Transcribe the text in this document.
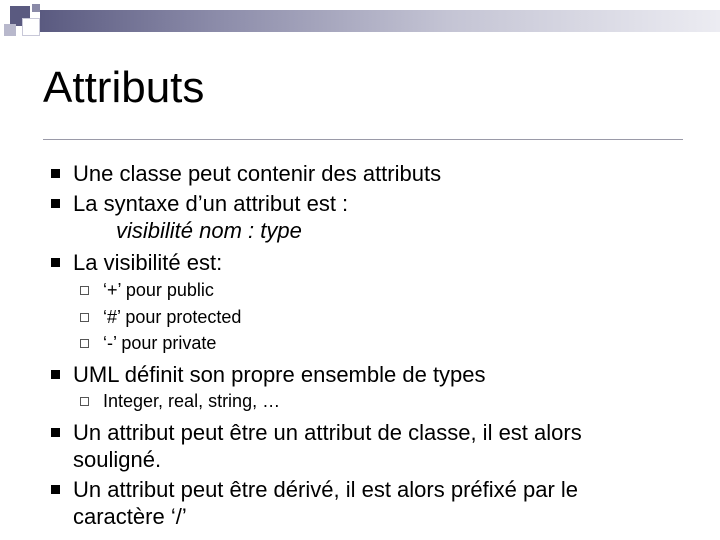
Attributs
Une classe peut contenir des attributs
La syntaxe d’un attribut est :
visibilité nom : type
La visibilité est:
‘+’ pour public
‘#’ pour protected
‘-’ pour private
UML définit son propre ensemble de types
Integer, real, string, …
Un attribut peut être un attribut de classe, il est alors
souligné.
Un attribut peut être dérivé, il est alors préfixé par le
caractère ‘/’
